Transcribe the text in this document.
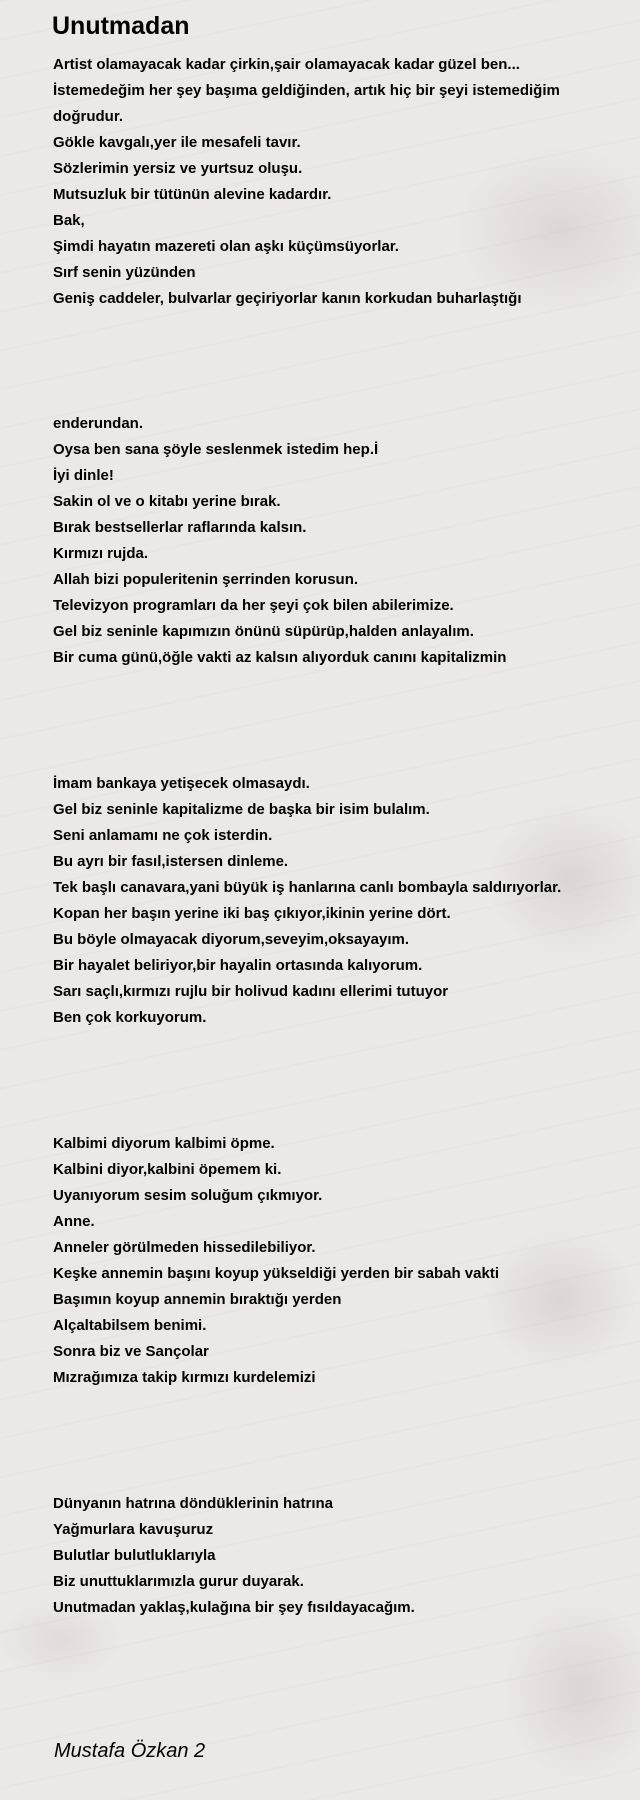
Unutmadan
Artist olamayacak kadar çirkin,şair olamayacak kadar güzel ben...
İstemedeğim her şey başıma geldiğinden, artık hiç bir şeyi istemediğim doğrudur.
Gökle kavgalı,yer ile mesafeli tavır.
Sözlerimin yersiz ve yurtsuz oluşu.
Mutsuzluk bir tütünün alevine kadardır.
Bak,
Şimdi hayatın mazereti olan aşkı küçümsüyorlar.
Sırf senin yüzünden
Geniş caddeler, bulvarlar geçiriyorlar kanın korkudan buharlaştığı
enderundan.
Oysa ben sana şöyle seslenmek istedim hep.İ
İyi dinle!
Sakin ol ve o kitabı yerine bırak.
Bırak bestsellerlar raflarında kalsın.
Kırmızı rujda.
Allah bizi populeritenin şerrinden korusun.
Televizyon programları da her şeyi çok bilen abilerimize.
Gel biz seninle kapımızın önünü süpürüp,halden anlayalım.
Bir cuma günü,öğle vakti az kalsın alıyorduk canını kapitalizmin
İmam bankaya yetişecek olmasaydı.
Gel biz seninle kapitalizme de başka bir isim bulalım.
Seni anlamamı ne çok isterdin.
Bu ayrı bir fasıl,istersen dinleme.
Tek başlı canavara,yani büyük iş hanlarına canlı bombayla saldırıyorlar.
Kopan her başın yerine iki baş çıkıyor,ikinin yerine dört.
Bu böyle olmayacak diyorum,seveyim,oksayayım.
Bir hayalet beliriyor,bir hayalin ortasında kalıyorum.
Sarı saçlı,kırmızı rujlu bir holivud kadını ellerimi tutuyor
Ben çok korkuyorum.
Kalbimi diyorum kalbimi öpme.
Kalbini diyor,kalbini öpemem ki.
Uyanıyorum sesim soluğum çıkmıyor.
Anne.
Anneler görülmeden hissedilebiliyor.
Keşke annemin başını koyup yükseldiği yerden bir sabah vakti
Başımın koyup annemin bıraktığı yerden
Alçaltabilsem benimi.
Sonra biz ve Sançolar
Mızrağımıza takip kırmızı kurdelemizi
Dünyanın hatrına döndüklerinin hatrına
Yağmurlara kavuşuruz
Bulutlar bulutluklarıyla
Biz unuttuklarımızla gurur duyarak.
Unutmadan yaklaş,kulağına bir şey fısıldayacağım.
Mustafa Özkan 2
